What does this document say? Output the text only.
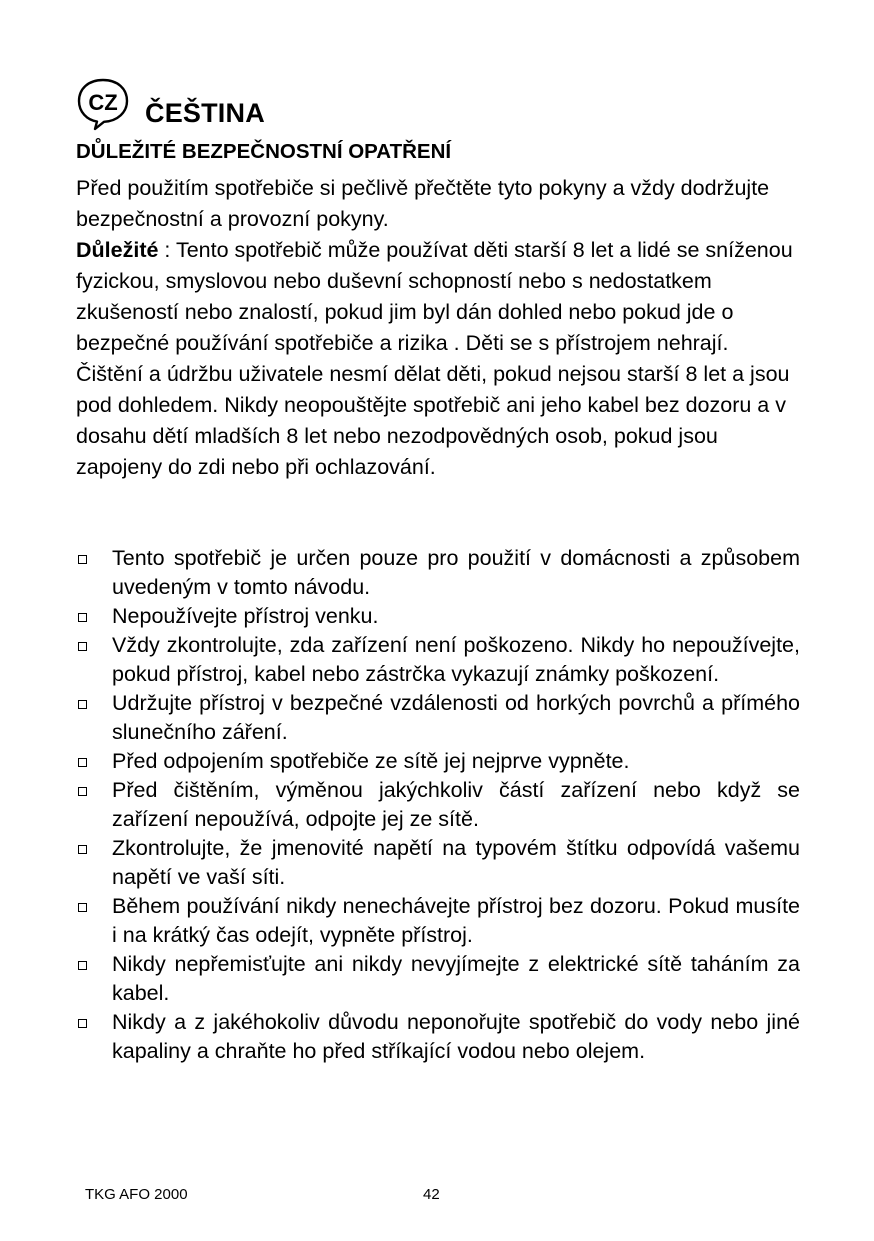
CZ ČEŠTINA
DŮLEŽITÉ BEZPEČNOSTNÍ OPATŘENÍ

Před použitím spotřebiče si pečlivě přečtěte tyto pokyny a vždy dodržujte bezpečnostní a provozní pokyny.

Důležité : Tento spotřebič může používat děti starší 8 let a lidé se sníženou fyzickou, smyslovou nebo duševní schopností nebo s nedostatkem zkušeností nebo znalostí, pokud jim byl dán dohled nebo pokud jde o bezpečné používání spotřebiče a rizika . Děti se s přístrojem nehrají. Čištění a údržbu uživatele nesmí dělat děti, pokud nejsou starší 8 let a jsou pod dohledem. Nikdy neopouštějte spotřebič ani jeho kabel bez dozoru a v dosahu dětí mladších 8 let nebo nezodpovědných osob, pokud jsou zapojeny do zdi nebo při ochlazování.

Tento spotřebič je určen pouze pro použití v domácnosti a způsobem uvedeným v tomto návodu.
Nepoužívejte přístroj venku.
Vždy zkontrolujte, zda zařízení není poškozeno. Nikdy ho nepoužívejte, pokud přístroj, kabel nebo zástrčka vykazují známky poškození.
Udržujte přístroj v bezpečné vzdálenosti od horkých povrchů a přímého slunečního záření.
Před odpojením spotřebiče ze sítě jej nejprve vypněte.
Před čištěním, výměnou jakýchkoliv částí zařízení nebo když se zařízení nepoužívá, odpojte jej ze sítě.
Zkontrolujte, že jmenovité napětí na typovém štítku odpovídá vašemu napětí ve vaší síti.
Během používání nikdy nenechávejte přístroj bez dozoru. Pokud musíte i na krátký čas odejít, vypněte přístroj.
Nikdy nepřemisťujte ani nikdy nevyjímejte z elektrické sítě taháním za kabel.
Nikdy a z jakéhokoliv důvodu neponořujte spotřebič do vody nebo jiné kapaliny a chraňte ho před stříkající vodou nebo olejem.
TKG AFO 2000	42
